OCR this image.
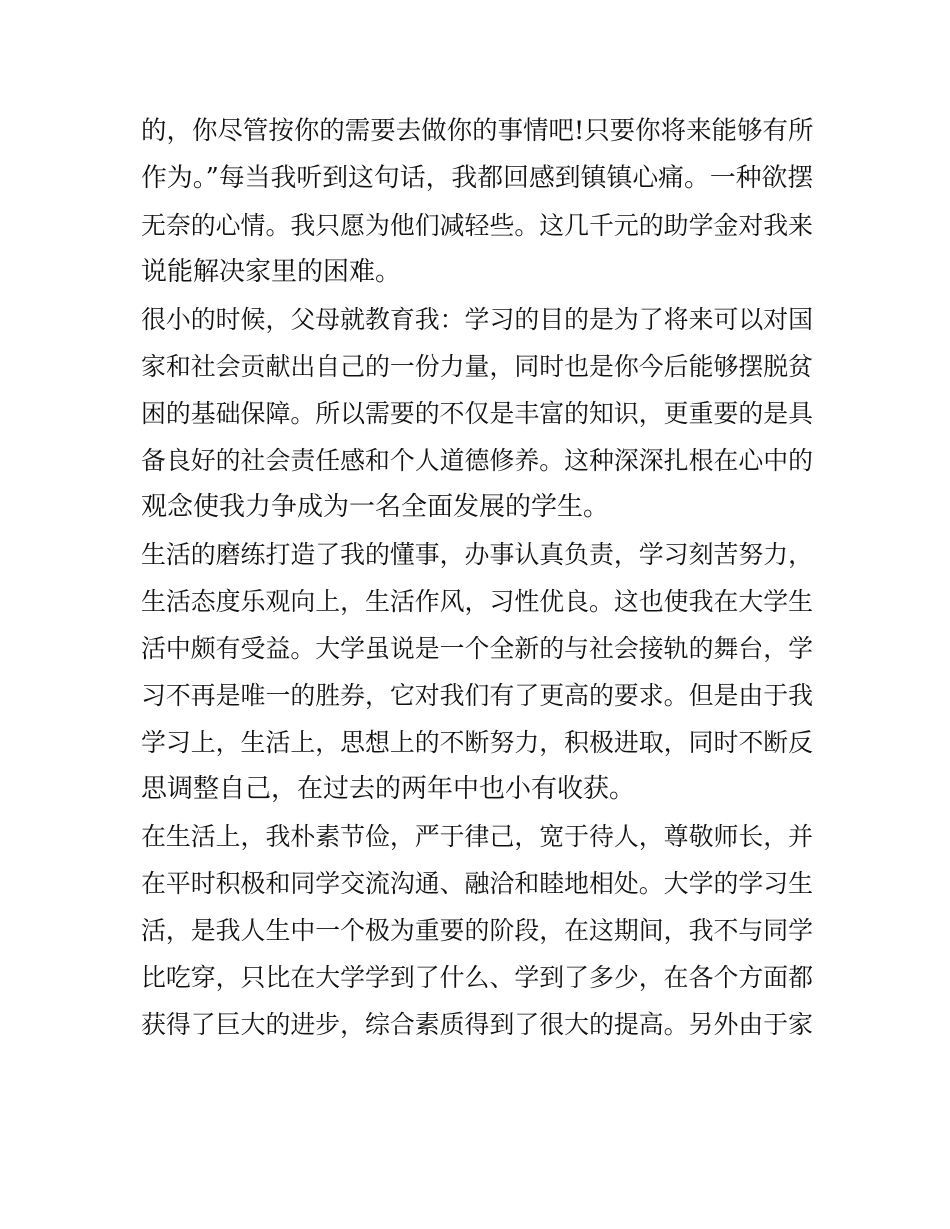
的，你尽管按你的需要去做你的事情吧!只要你将来能够有所
作为。”每当我听到这句话，我都回感到镇镇心痛。一种欲摆
无奈的心情。我只愿为他们减轻些。这几千元的助学金对我来
说能解决家里的困难。
很小的时候，父母就教育我：学习的目的是为了将来可以对国
家和社会贡献出自己的一份力量，同时也是你今后能够摆脱贫
困的基础保障。所以需要的不仅是丰富的知识，更重要的是具
备良好的社会责任感和个人道德修养。这种深深扎根在心中的
观念使我力争成为一名全面发展的学生。
生活的磨练打造了我的懂事，办事认真负责，学习刻苦努力，
生活态度乐观向上，生活作风，习性优良。这也使我在大学生
活中颇有受益。大学虽说是一个全新的与社会接轨的舞台，学
习不再是唯一的胜券，它对我们有了更高的要求。但是由于我
学习上，生活上，思想上的不断努力，积极进取，同时不断反
思调整自己，在过去的两年中也小有收获。
在生活上，我朴素节俭，严于律己，宽于待人，尊敬师长，并
在平时积极和同学交流沟通、融洽和睦地相处。大学的学习生
活，是我人生中一个极为重要的阶段，在这期间，我不与同学
比吃穿，只比在大学学到了什么、学到了多少，在各个方面都
获得了巨大的进步，综合素质得到了很大的提高。另外由于家
